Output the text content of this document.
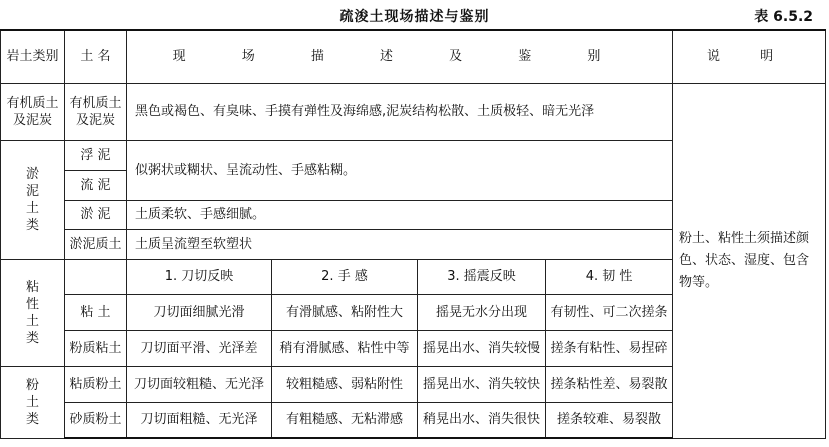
疏浚土现场描述与鉴别	表 6.5.2
岩土类别	土 名	现 场 描 述 及 鉴 别				说 明
有机质土及泥炭	有机质土及泥炭	黑色或褐色、有臭味、手摸有弹性及海绵感,泥炭结构松散、土质极轻、暗无光泽				粉土、粘性土须描述颜色、状态、湿度、包含物等。

淤泥土类	浮 泥	似粥状或糊状、呈流动性、手感粘糊。				
	流 泥					
	淤 泥	土质柔软、手感细腻。				
	淤泥质土	土质呈流塑至软塑状				

粘性土类		1. 刀切反映	2. 手 感	3. 摇震反映	4. 韧 性	
	粘 土	刀切面细腻光滑	有滑腻感、粘附性大	摇晃无水分出现	有韧性、可二次搓条	
	粉质粘土	刀切面平滑、光泽差	稍有滑腻感、粘性中等	摇晃出水、消失较慢	搓条有粘性、易捏碎	

粉土类	粘质粉土	刀切面较粗糙、无光泽	较粗糙感、弱粘附性	摇晃出水、消失较快	搓条粘性差、易裂散	
	砂质粉土	刀切面粗糙、无光泽	有粗糙感、无粘滞感	稍晃出水、消失很快	搓条较难、易裂散	
